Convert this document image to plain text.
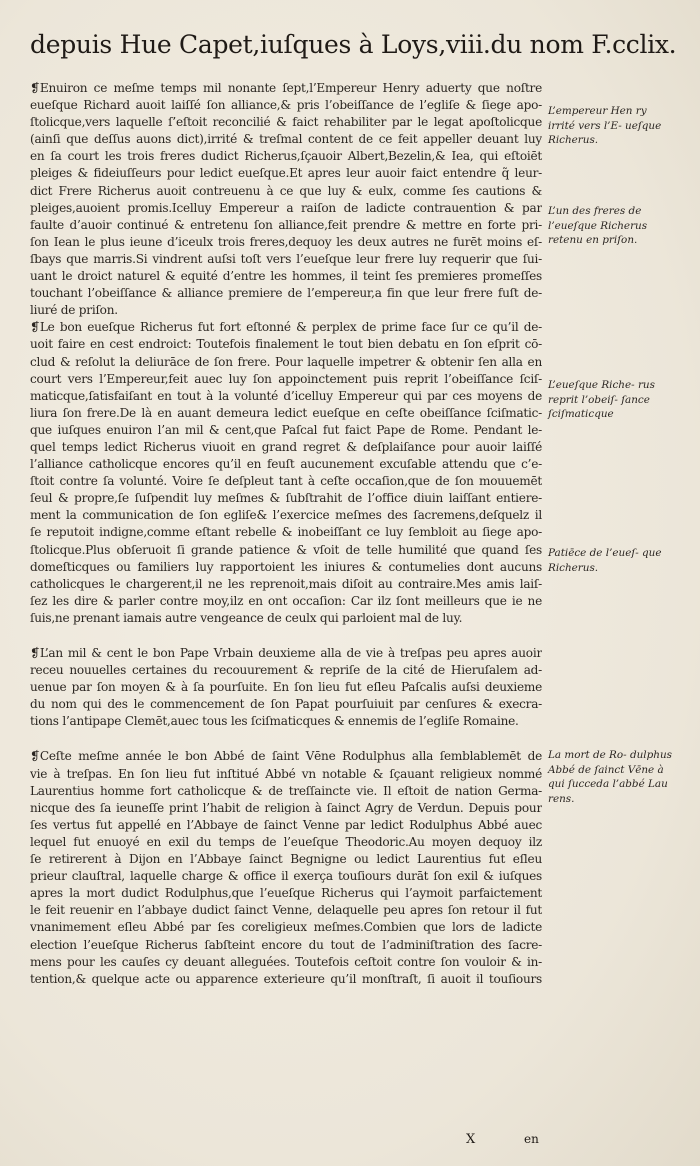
depuis Hue Capet,iuſques à Loys,viii.du nom F.cclix.
❡Enuiron ce meſme temps mil nonante ſept,l’Empereur Henry aduerty que noſtre
eueſque Richard auoit laiſſé ſon alliance,& pris l’obeiſſance de l’egliſe & ſiege apo-
ſtolicque,vers laquelle ſ’eſtoit reconcilié & faict rehabiliter par le legat apoſtolicque
(ainſi que deſſus auons dict),irrité & treſmal content de ce feit appeller deuant luy
en ſa court les trois freres dudict Richerus,ſçauoir Albert,Bezelin,& Iea, qui eſtoiēt
pleiges & fideiuſſeurs pour ledict eueſque.Et apres leur auoir faict entendre q̃ leur-
dict Frere Richerus auoit contreuenu à ce que luy & eulx, comme ſes cautions &
pleiges,auoient promis.Icelluy Empereur a raiſon de ladicte contrauention & par
faulte d’auoir continué & entretenu ſon alliance,feit prendre & mettre en forte pri-
ſon Iean le plus ieune d’iceulx trois freres,dequoy les deux autres ne furēt moins eſ-
ſbays que marris.Si vindrent auſsi toſt vers l’eueſque leur frere luy requerir que ſui-
uant le droict naturel & equité d’entre les hommes, il teint ſes premieres promeſſes
touchant l’obeiſſance & alliance premiere de l’empereur,a fin que leur frere fuſt de-
liuré de priſon.
❡Le bon eueſque Richerus fut fort eſtonné & perplex de prime face ſur ce qu’il de-
uoit faire en cest endroict: Toutefois finalement le tout bien debatu en ſon eſprit cō-
clud & reſolut la deliurāce de ſon frere. Pour laquelle impetrer & obtenir ſen alla en
court vers l’Empereur,feit auec luy ſon appoinctement puis reprit l’obeiſſance ſciſ-
maticque,ſatisfaiſant en tout à la volunté d’icelluy Empereur qui par ces moyens de
liura ſon frere.De là en auant demeura ledict eueſque en ceſte obeiſſance ſciſmatic-
que iuſques enuiron l’an mil & cent,que Paſcal fut faict Pape de Rome. Pendant le-
quel temps ledict Richerus viuoit en grand regret & deſplaiſance pour auoir laiſſé
l’alliance catholicque encores qu’il en feuſt aucunement excuſable attendu que c’e-
ſtoit contre ſa volunté. Voire ſe deſpleut tant à ceſte occaſion,que de ſon mouuemēt
ſeul & propre,ſe ſuſpendit luy meſmes & ſubſtrahit de l’office diuin laiſſant entiere-
ment la communication de ſon egliſe& l’exercice meſmes des ſacremens,deſquelz il
ſe reputoit indigne,comme eſtant rebelle & inobeiſſant ce luy ſembloit au ſiege apo-
ſtolicque.Plus obſeruoit ſi grande patience & vſoit de telle humilité que quand ſes
domeſticques ou familiers luy rapportoient les iniures & contumelies dont aucuns
catholicques le chargerent,il ne les reprenoit,mais diſoit au contraire.Mes amis laiſ-
ſez les dire & parler contre moy,ilz en ont occaſion: Car ilz ſont meilleurs que ie ne
ſuis,ne prenant iamais autre vengeance de ceulx qui parloient mal de luy.
❡L’an mil & cent le bon Pape Vrbain deuxieme alla de vie à treſpas peu apres auoir
receu nouuelles certaines du recouurement & repriſe de la cité de Hieruſalem ad-
uenue par ſon moyen & à ſa pourſuite. En ſon lieu fut eſleu Paſcalis auſsi deuxieme
du nom qui des le commencement de ſon Papat pourſuiuit par cenſures & execra-
tions l’antipape Clemēt,auec tous les ſciſmaticques & ennemis de l’egliſe Romaine.
❡Ceſte meſme année le bon Abbé de ſaint Vēne Rodulphus alla ſemblablemēt de
vie à treſpas. En ſon lieu fut inſtitué Abbé vn notable & ſçauant religieux nommé
Laurentius homme fort catholicque & de treſſaincte vie. Il eſtoit de nation Germa-
nicque des ſa ieuneſſe print l’habit de religion à ſainct Agry de Verdun. Depuis pour
ſes vertus fut appellé en l’Abbaye de ſainct Venne par ledict Rodulphus Abbé auec
lequel fut enuoyé en exil du temps de l’eueſque Theodoric.Au moyen dequoy ilz
ſe retirerent à Dijon en l’Abbaye ſainct Begnigne ou ledict Laurentius fut eſleu
prieur clauſtral, laquelle charge & office il exerça touſiours durāt ſon exil & iuſques
apres la mort dudict Rodulphus,que l’eueſque Richerus qui l’aymoit parfaictement
le feit reuenir en l’abbaye dudict ſainct Venne, delaquelle peu apres ſon retour il fut
vnanimement eſleu Abbé par ſes coreligieux meſmes.Combien que lors de ladicte
election l’eueſque Richerus ſabſteint encore du tout de l’adminiſtration des ſacre-
mens pour les cauſes cy deuant alleguées. Toutefois ceſtoit contre ſon vouloir & in-
tention,& quelque acte ou apparence exterieure qu’il monſtraſt, ſi auoit il touſiours
L’empereur Hen ry irrité vers l’E- ueſque Richerus.
L’un des freres de l’eueſque Richerus retenu en priſon.
L’eueſque Riche- rus reprit l’obeiſ- ſance ſciſmaticque
Patiēce de l’eueſ- que Richerus.
La mort de Ro- dulphus Abbé de ſainct Vēne à qui ſucceda l’abbé Lau rens.
X	en
